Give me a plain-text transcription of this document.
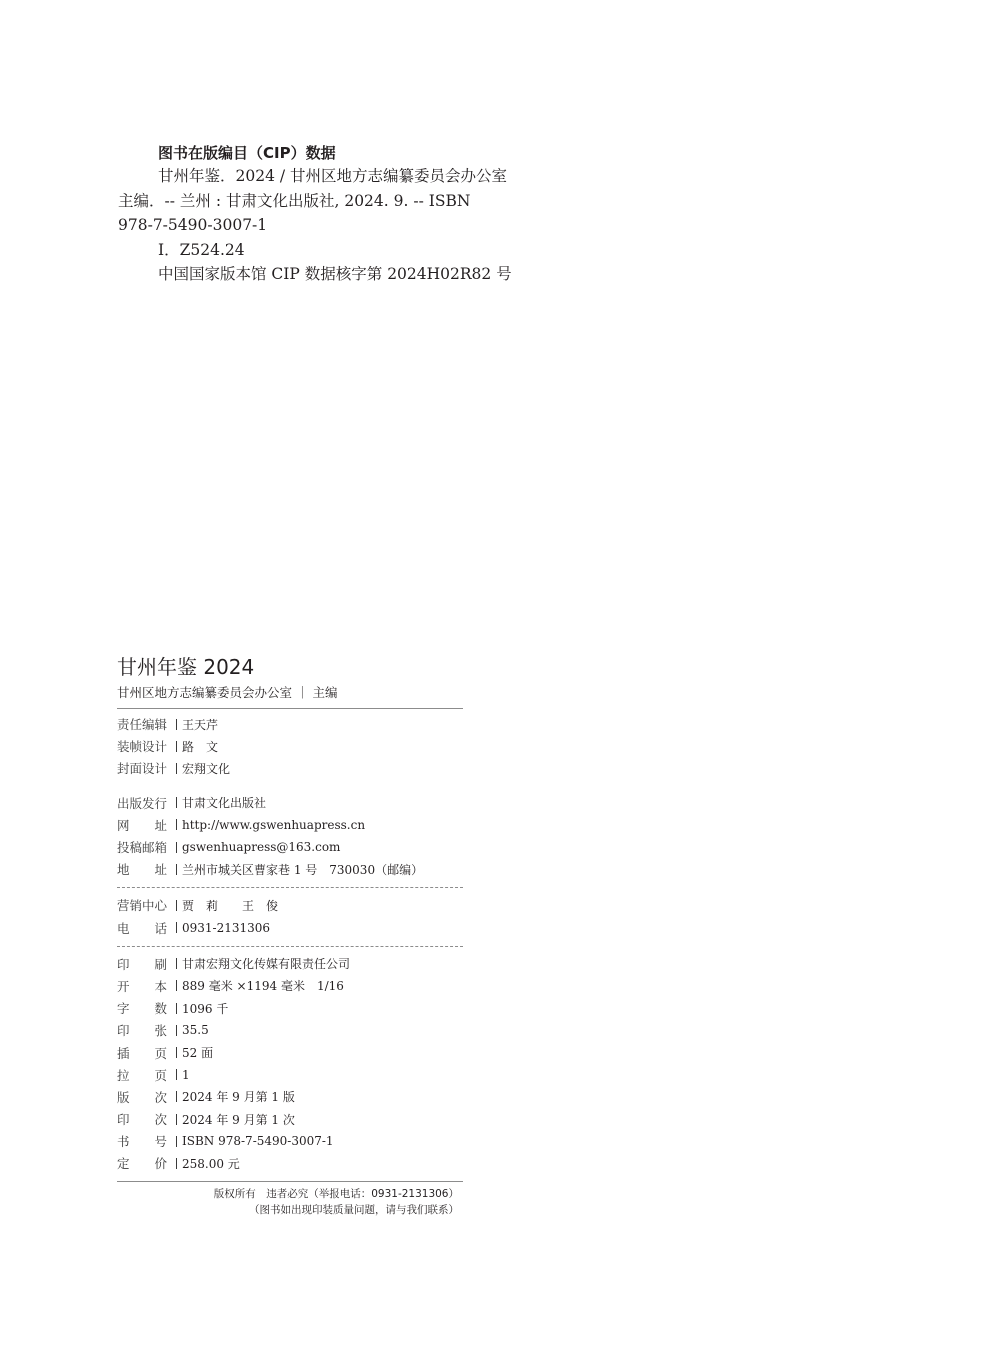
图书在版编目（CIP）数据
甘州年鉴．2024 / 甘州区地方志编纂委员会办公室
主编．-- 兰州 : 甘肃文化出版社, 2024. 9. -- ISBN
978-7-5490-3007-1
Ⅰ．Z524.24
中国国家版本馆 CIP 数据核字第 2024H02R82 号
甘州年鉴 2024
甘州区地方志编纂委员会办公室 ｜ 主编
责任编辑	王天芹
装帧设计	路　文
封面设计	宏翔文化
出版发行	甘肃文化出版社
网　　址	http://www.gswenhuapress.cn
投稿邮箱	gswenhuapress@163.com
地　　址	兰州市城关区曹家巷 1 号　730030（邮编）
营销中心	贾　莉　　王　俊
电　　话	0931-2131306
印　　刷	甘肃宏翔文化传媒有限责任公司
开　　本	889 毫米 ×1194 毫米　1/16
字　　数	1096 千
印　　张	35.5
插　　页	52 面
拉　　页	1
版　　次	2024 年 9 月第 1 版
印　　次	2024 年 9 月第 1 次
书　　号	ISBN 978-7-5490-3007-1
定　　价	258.00 元
版权所有　违者必究（举报电话：0931-2131306）
（图书如出现印装质量问题，请与我们联系）
